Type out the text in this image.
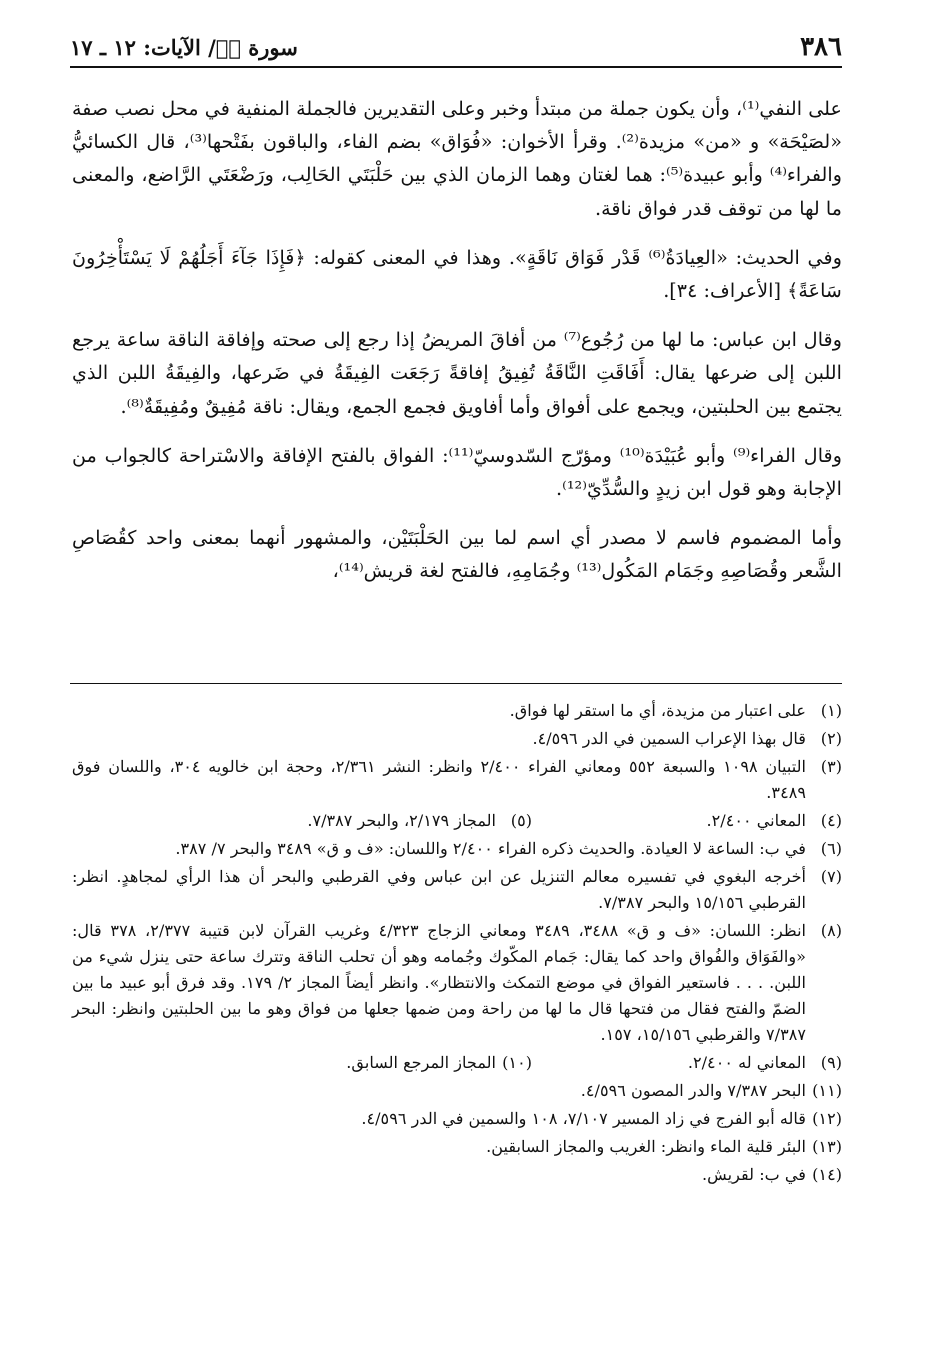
٣٨٦
سورة صۤ/ الآيات: ١٢ ـ ١٧

على النفي⁽¹⁾، وأن يكون جملة من مبتدأ وخبر وعلى التقديرين فالجملة المنفية في محل نصب صفة «لصَيْحَة» و «من» مزيدة⁽²⁾. وقرأ الأخوان: «فُوَاق» بضم الفاء، والباقون بفَتْحها⁽³⁾، قال الكسائيُّ والفراء⁽⁴⁾ وأبو عبيدة⁽⁵⁾: هما لغتان وهما الزمان الذي بين حَلْبَتَي الحَالِب، ورَضْعَتَي الرَّاضع، والمعنى ما لها من توقف قدر فواق ناقة.

وفي الحديث: «العِيادَةُ⁽⁶⁾ قَدْر فَوَاق نَاقَةٍ». وهذا في المعنى كقوله: ﴿فَإِذَا جَآءَ أَجَلُهُمْ لَا يَسْتَأْخِرُونَ سَاعَةً﴾ [الأعراف: ٣٤].

وقال ابن عباس: ما لها من رُجُوع⁽⁷⁾ من أفاقَ المريضُ إذا رجع إلى صحته وإفاقة الناقة ساعة يرجع اللبن إلى ضرعها يقال: أَفَاقَتِ النَّاقَةُ تُفِيقُ إفاقةً رَجَعَت الفِيقَةُ في ضَرعها، والفِيقَةُ اللبن الذي يجتمع بين الحلبتين، ويجمع على أفواق وأما أفاويق فجمع الجمع، ويقال: ناقة مُفِيقٌ ومُفِيقَةٌ⁽⁸⁾.

وقال الفراء⁽⁹⁾ وأبو عُبَيْدَة⁽¹⁰⁾ ومؤرّج السّدوسيّ⁽¹¹⁾: الفواق بالفتح الإفاقة والاسْتراحة كالجواب من الإجابة وهو قول ابن زيدٍ والسُّدِّيّ⁽¹²⁾.

وأما المضموم فاسم لا مصدر أي اسم لما بين الحَلْبَتَيْن، والمشهور أنهما بمعنى واحد كقُصَاصِ الشَّعر وقُصَاصِهِ وجَمَام المَكُول⁽¹³⁾ وجُمَامِهِ، فالفتح لغة قريش⁽¹⁴⁾،

(١)
على اعتبار من مزيدة، أي ما استقر لها فواق.
(٢)
قال بهذا الإعراب السمين في الدر ٤/٥٩٦.
(٣)
التبيان ١٠٩٨ والسبعة ٥٥٢ ومعاني الفراء ٢/٤٠٠ وانظر: النشر ٢/٣٦١، وحجة ابن خالويه ٣٠٤، واللسان فوق ٣٤٨٩.
(٤)
المعاني ٢/٤٠٠.
(٥)
المجاز ٢/١٧٩، والبحر ٧/٣٨٧.
(٦)
في ب: الساعة لا العيادة. والحديث ذكره الفراء ٢/٤٠٠ واللسان: «ف و ق» ٣٤٨٩ والبحر ٧/ ٣٨٧.
(٧)
أخرجه البغوي في تفسيره معالم التنزيل عن ابن عباس وفي القرطبي والبحر أن هذا الرأي لمجاهدٍ. انظر: القرطبي ١٥/١٥٦ والبحر ٧/٣٨٧.
(٨)
انظر: اللسان: «ف و ق» ٣٤٨٨، ٣٤٨٩ ومعاني الزجاج ٤/٣٢٣ وغريب القرآن لابن قتيبة ٢/٣٧٧، ٣٧٨ قال: «والفَوَاق والفُواق واحد كما يقال: جَمام المكّوك وجُمامه وهو أن تحلب الناقة وتترك ساعة حتى ينزل شيء من اللبن. . . . فاستعير الفواق في موضع التمكث والانتظار». وانظر أيضاً المجاز ٢/ ١٧٩. وقد فرق أبو عبيد ما بين الضمّ والفتح فقال من فتحها قال ما لها من راحة ومن ضمها جعلها من فواق وهو ما بين الحلبتين وانظر: البحر ٧/٣٨٧ والقرطبي ١٥/١٥٦، ١٥٧.
(٩)
المعاني له ٢/٤٠٠.
(١٠)
المجاز المرجع السابق.
(١١)
البحر ٧/٣٨٧ والدر المصون ٤/٥٩٦.
(١٢)
قاله أبو الفرج في زاد المسير ٧/١٠٧، ١٠٨ والسمين في الدر ٤/٥٩٦.
(١٣)
البئر قلية الماء وانظر: الغريب والمجاز السابقين.
(١٤)
في ب: لقريش.
